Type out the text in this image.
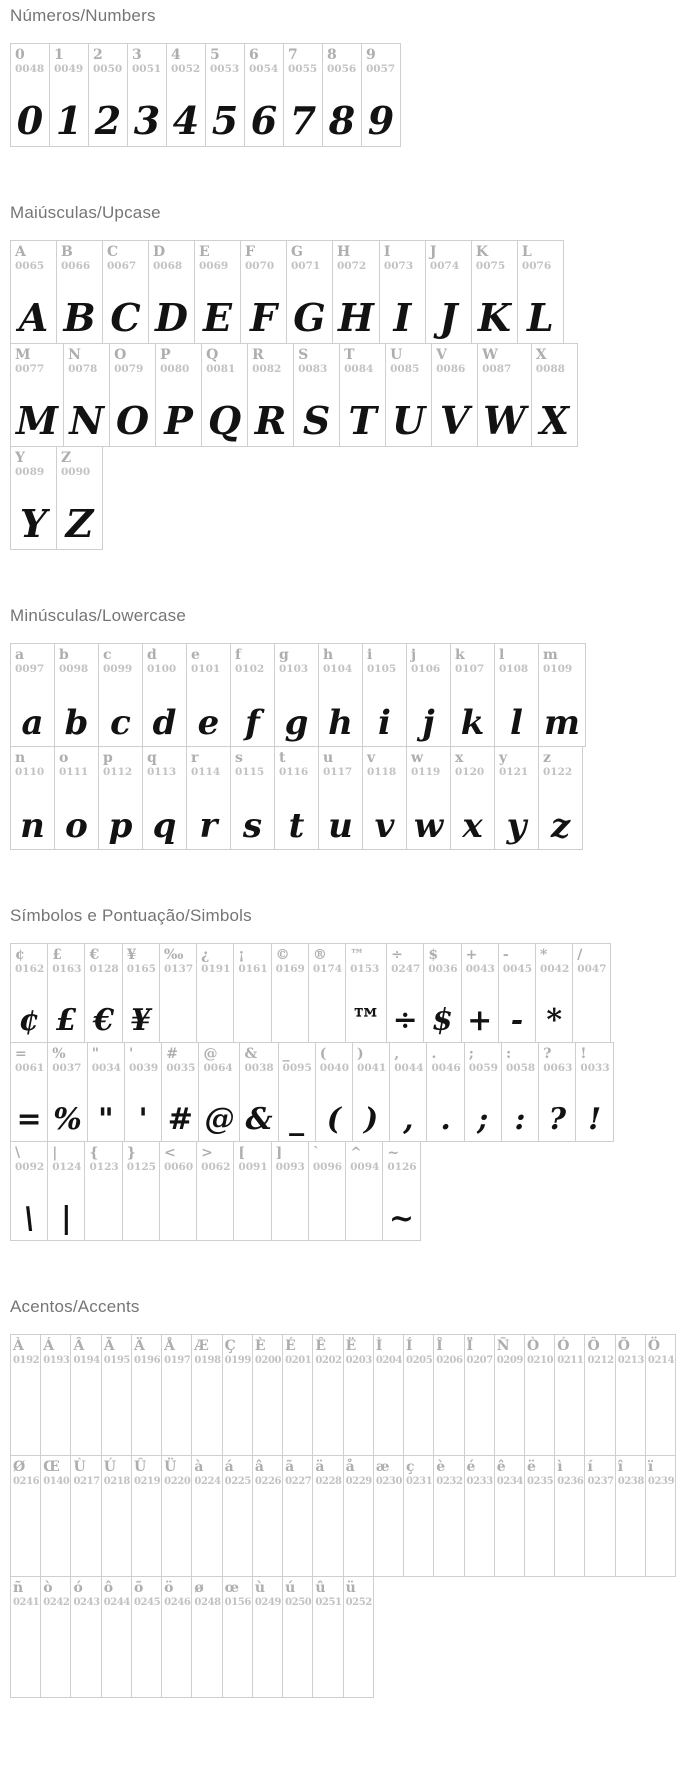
Números/Numbers
0
0048
0

1
0049
1

2
0050
2

3
0051
3

4
0052
4

5
0053
5

6
0054
6

7
0055
7

8
0056
8

9
0057
9
Maiúsculas/Upcase
A
0065
A

B
0066
B

C
0067
C

D
0068
D

E
0069
E

F
0070
F

G
0071
G

H
0072
H

I
0073
I

J
0074
J

K
0075
K

L
0076
L
M
0077
M

N
0078
N

O
0079
O

P
0080
P

Q
0081
Q

R
0082
R

S
0083
S

T
0084
T

U
0085
U

V
0086
V

W
0087
W

X
0088
X
Y
0089
Y

Z
0090
Z
Minúsculas/Lowercase
a
0097
a

b
0098
b

c
0099
c

d
0100
d

e
0101
e

f
0102
f

g
0103
g

h
0104
h

i
0105
i

j
0106
j

k
0107
k

l
0108
l

m
0109
m
n
0110
n

o
0111
o

p
0112
p

q
0113
q

r
0114
r

s
0115
s

t
0116
t

u
0117
u

v
0118
v

w
0119
w

x
0120
x

y
0121
y

z
0122
z
Símbolos e Pontuação/Simbols
¢
0162
¢

£
0163
£

€
0128
€

¥
0165
¥

‰
0137

¿
0191

¡
0161

©
0169

®
0174

™
0153
™

÷
0247
÷

$
0036
$

+
0043
+

-
0045
-

*
0042
*

/
0047
=
0061
=

%
0037
%

"
0034
"

'
0039
'

#
0035
#

@
0064
@

&
0038
&

_
0095
_

(
0040
(

)
0041
)

,
0044
,

.
0046
.

;
0059
;

:
0058
:

?
0063
?

!
0033
!
\
0092
\

|
0124
|

{
0123

}
0125

<
0060

>
0062

[
0091

]
0093

`
0096

^
0094

~
0126
~
Acentos/Accents
À
0192

Á
0193

Â
0194

Ã
0195

Ä
0196

Å
0197

Æ
0198

Ç
0199

È
0200

É
0201

Ê
0202

Ë
0203

Ì
0204

Í
0205

Î
0206

Ï
0207

Ñ
0209

Ò
0210

Ó
0211

Ô
0212

Õ
0213

Ö
0214
Ø
0216

Œ
0140

Ù
0217

Ú
0218

Û
0219

Ü
0220

à
0224

á
0225

â
0226

ã
0227

ä
0228

å
0229

æ
0230

ç
0231

è
0232

é
0233

ê
0234

ë
0235

ì
0236

í
0237

î
0238

ï
0239
ñ
0241

ò
0242

ó
0243

ô
0244

õ
0245

ö
0246

ø
0248

œ
0156

ù
0249

ú
0250

û
0251

ü
0252
